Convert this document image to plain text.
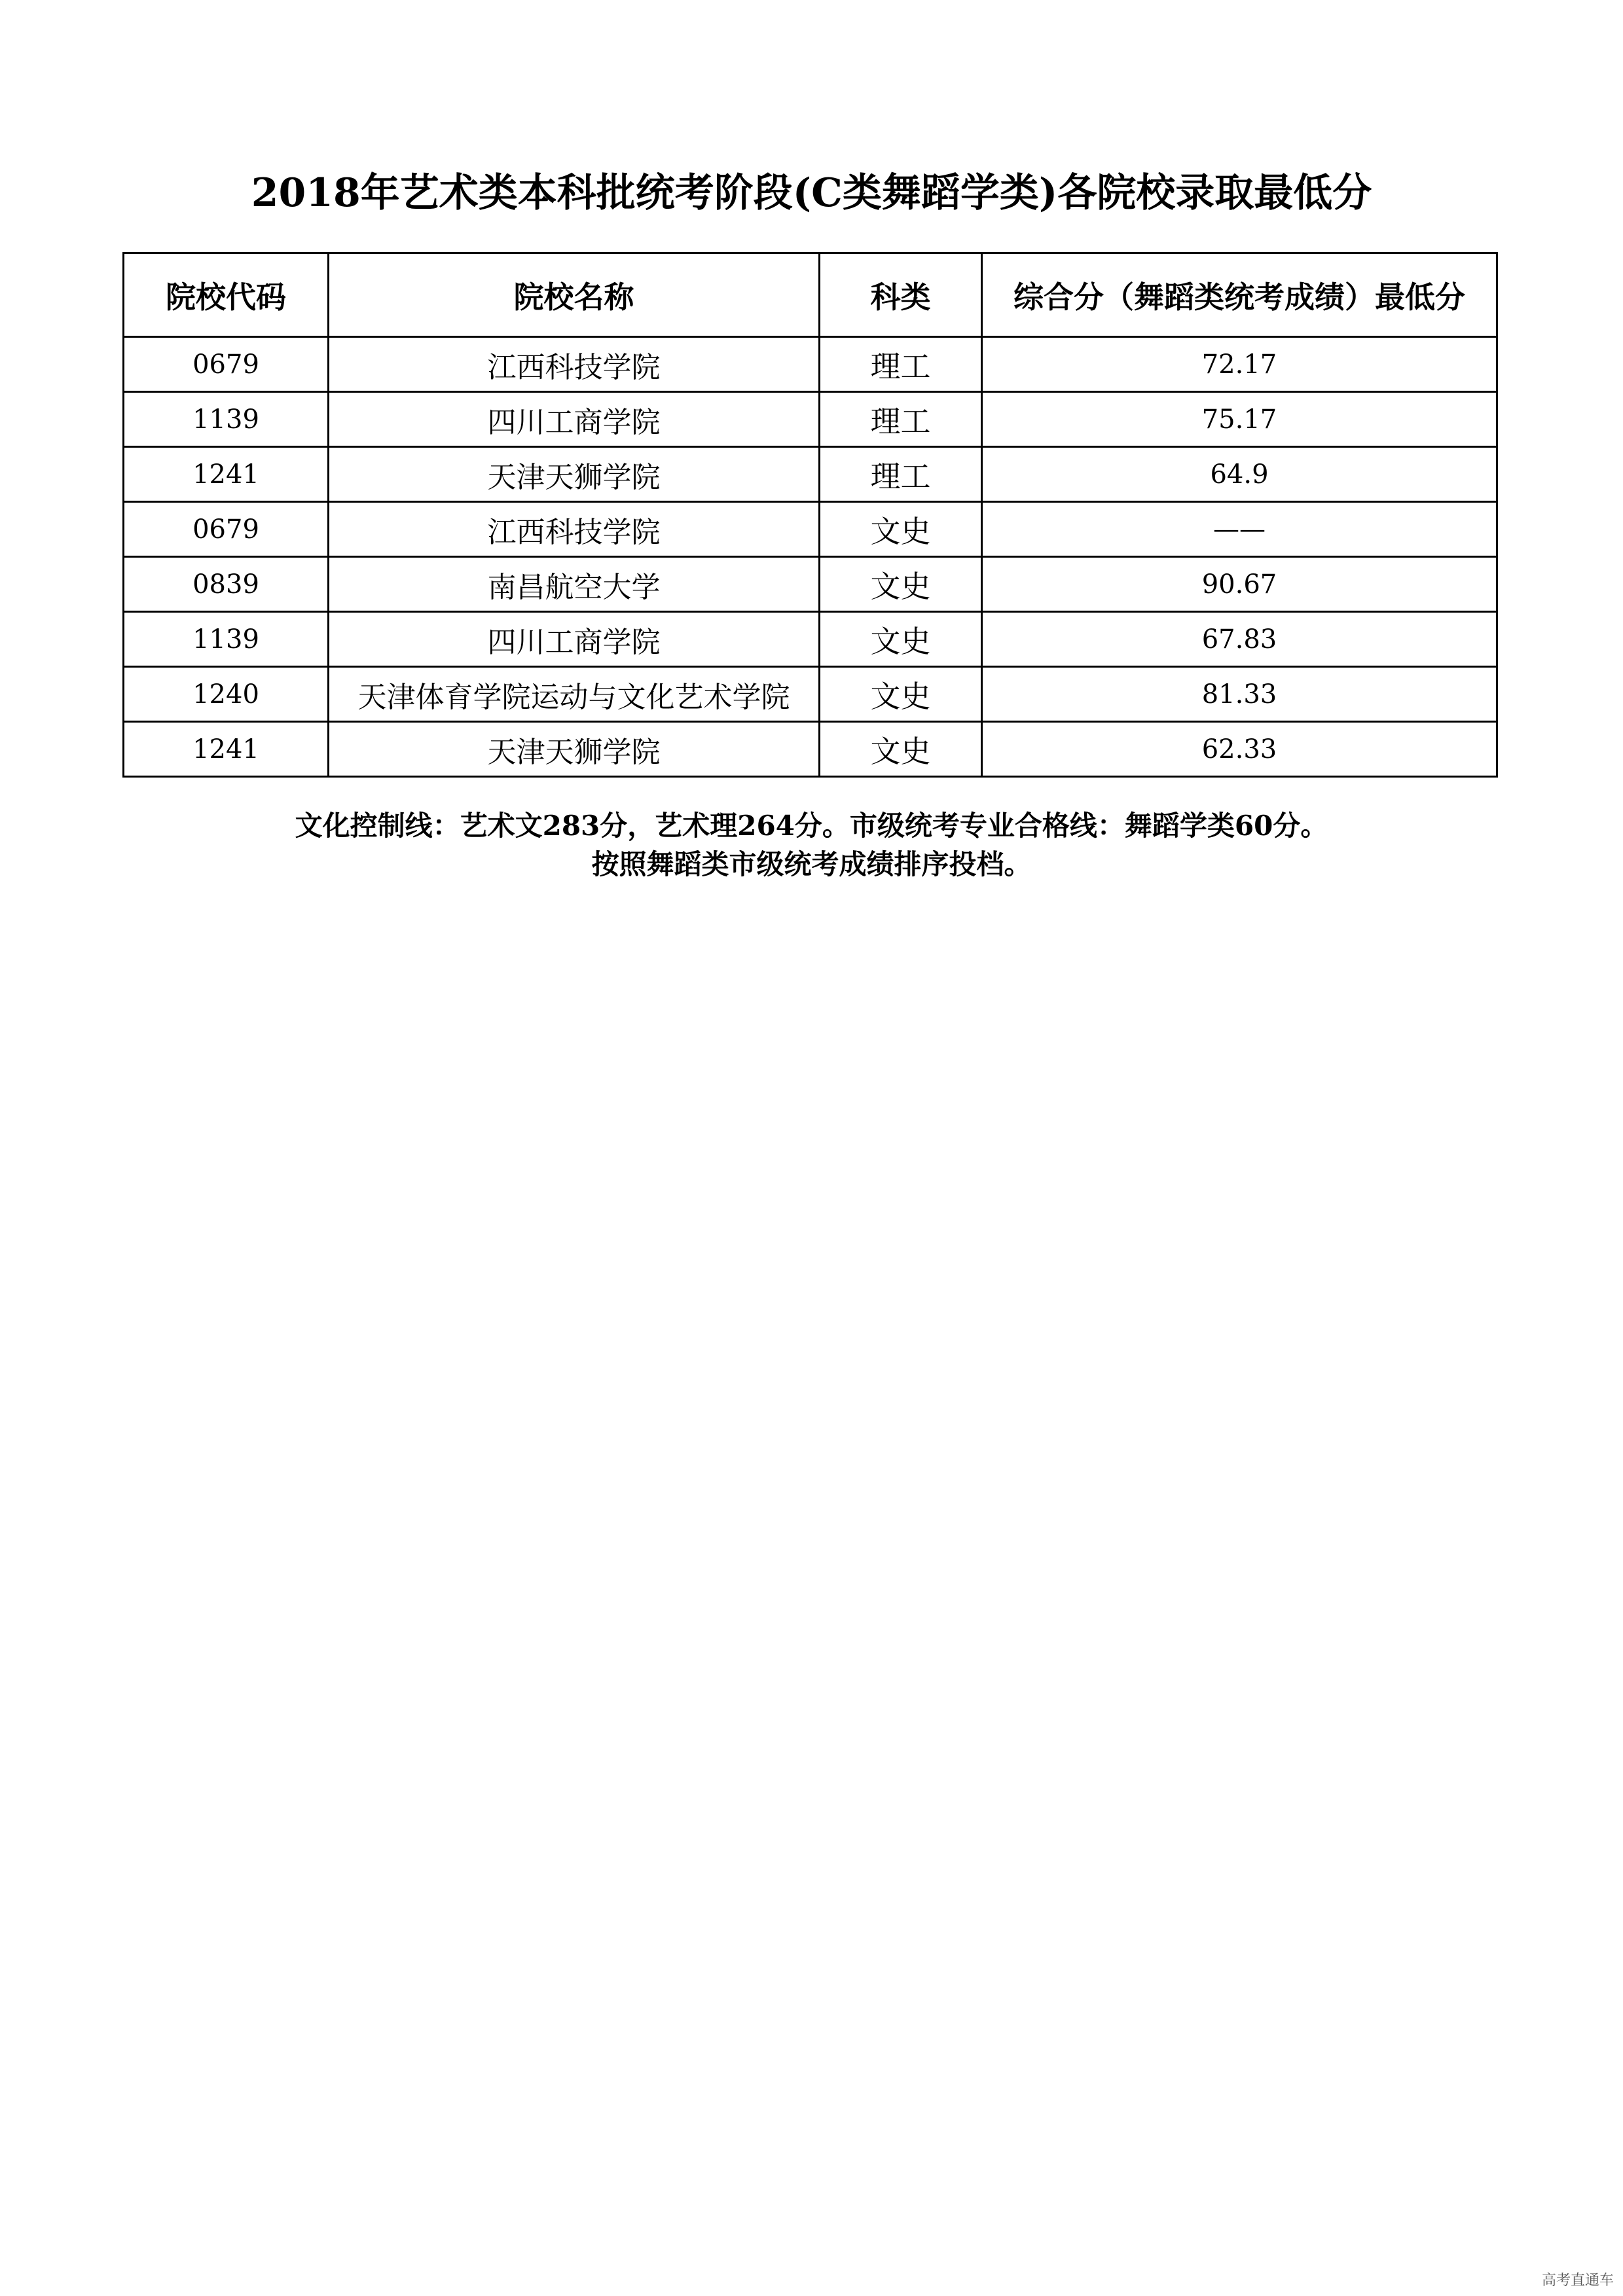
2018年艺术类本科批统考阶段(C类舞蹈学类)各院校录取最低分
院校代码	院校名称	科类	综合分（舞蹈类统考成绩）最低分
0679	江西科技学院	理工	72.17
1139	四川工商学院	理工	75.17
1241	天津天狮学院	理工	64.9
0679	江西科技学院	文史	——
0839	南昌航空大学	文史	90.67
1139	四川工商学院	文史	67.83
1240	天津体育学院运动与文化艺术学院	文史	81.33
1241	天津天狮学院	文史	62.33
文化控制线：艺术文283分，艺术理264分。市级统考专业合格线：舞蹈学类60分。
按照舞蹈类市级统考成绩排序投档。
高考直通车
